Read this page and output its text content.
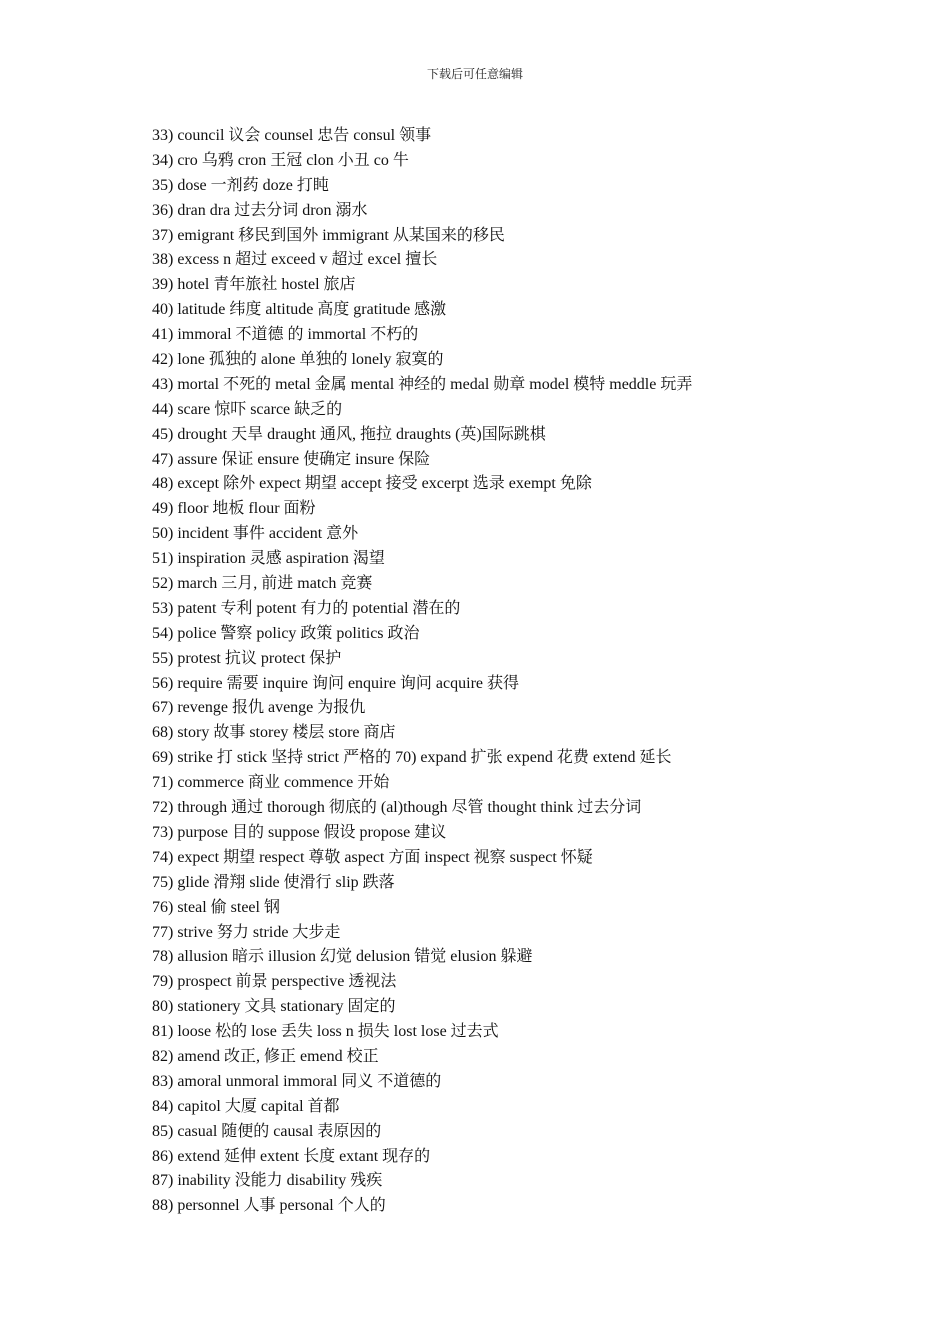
下载后可任意编辑
33) council 议会 counsel 忠告 consul 领事
34) cro 乌鸦 cron 王冠 clon 小丑 co 牛
35) dose 一剂药 doze 打盹
36) dran dra 过去分词 dron 溺水
37) emigrant 移民到国外 immigrant 从某国来的移民
38) excess n 超过 exceed v 超过 excel 擅长
39) hotel 青年旅社 hostel 旅店
40) latitude 纬度 altitude 高度 gratitude 感激
41) immoral 不道德 的 immortal 不朽的
42) lone 孤独的 alone 单独的 lonely 寂寞的
43) mortal 不死的 metal 金属 mental 神经的 medal 勋章 model 模特 meddle 玩弄
44) scare 惊吓 scarce 缺乏的
45) drought 天旱 draught 通风, 拖拉 draughts (英)国际跳棋
47) assure 保证 ensure 使确定 insure 保险
48) except 除外 expect 期望 accept 接受 excerpt 选录 exempt 免除
49) floor 地板 flour 面粉
50) incident 事件 accident 意外
51) inspiration 灵感 aspiration 渴望
52) march 三月, 前进 match 竞赛
53) patent 专利 potent 有力的 potential 潜在的
54) police 警察 policy 政策 politics 政治
55) protest 抗议 protect 保护
56) require 需要 inquire 询问 enquire 询问 acquire 获得
67) revenge 报仇 avenge 为报仇
68) story 故事 storey 楼层 store 商店
69) strike 打 stick 坚持 strict 严格的 70) expand 扩张 expend 花费 extend 延长
71) commerce 商业 commence 开始
72) through 通过 thorough 彻底的 (al)though 尽管 thought think 过去分词
73) purpose 目的 suppose 假设 propose 建议
74) expect 期望 respect 尊敬 aspect 方面 inspect 视察 suspect 怀疑
75) glide 滑翔 slide 使滑行 slip 跌落
76) steal 偷 steel 钢
77) strive 努力 stride 大步走
78) allusion 暗示 illusion 幻觉 delusion 错觉 elusion 躲避
79) prospect 前景 perspective 透视法
80) stationery 文具 stationary 固定的
81) loose 松的 lose 丢失 loss n 损失 lost lose 过去式
82) amend 改正, 修正 emend 校正
83) amoral unmoral immoral 同义 不道德的
84) capitol 大厦 capital 首都
85) casual 随便的 causal 表原因的
86) extend 延伸 extent 长度 extant 现存的
87) inability 没能力 disability 残疾
88) personnel 人事 personal 个人的
